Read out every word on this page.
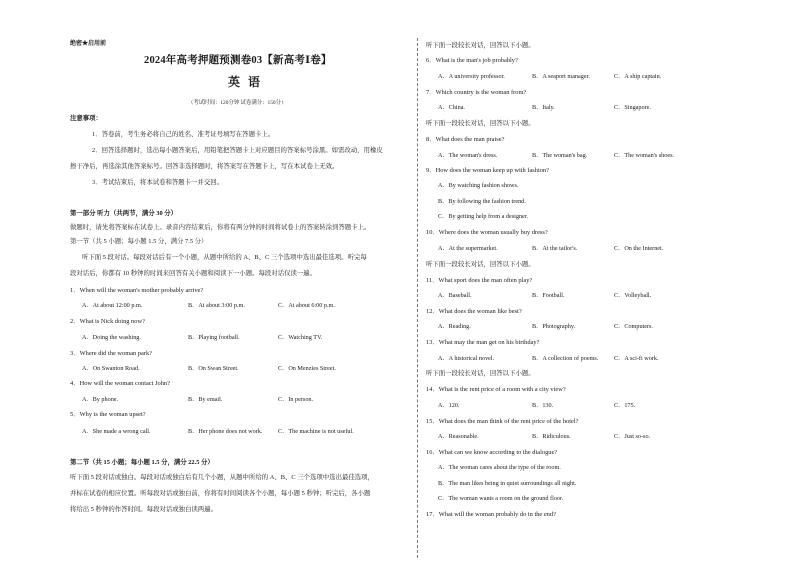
绝密★启用前
2024年高考押题预测卷03【新高考Ⅰ卷】
英语
（考试时间：120分钟 试卷满分：150分）
注意事项：
1．答卷前，考生务必将自己的姓名、准考证号填写在答题卡上。
2．回答选择题时，选出每小题答案后，用铅笔把答题卡上对应题目的答案标号涂黑。如需改动，用橡皮
擦干净后，再选涂其他答案标号。回答非选择题时，将答案写在答题卡上，写在本试卷上无效。
3．考试结束后，将本试卷和答题卡一并交回。
第一部分 听力（共两节，满分 30 分）
做题时，请先将答案标在试卷上。录音内容结束后，你将有两分钟的时间将试卷上的答案转涂到答题卡上。
第一节（共 5 小题；每小题 1.5 分，满分 7.5 分）
听下面 5 段对话。每段对话后有一个小题，从题中所给的 A、B、C 三个选项中选出最佳选项。听完每
段对话后，你都有 10 秒钟的时间来回答有关小题和阅读下一小题。每段对话仅读一遍。
1．When will the woman's mother probably arrive?
A．At about 12:00 p.m.	B．At about 3:00 p.m.	C．At about 6:00 p.m.
2．What is Nick doing now?
A．Doing the washing.	B．Playing football.	C．Watching TV.
3．Where did the woman park?
A．On Swanton Road.	B．On Swan Street.	C．On Menzies Street.
4．How will the woman contact John?
A．By phone.	B．By email.	C．In person.
5．Why is the woman upset?
A．She made a wrong call.	B．Her phone does not work.	C．The machine is not useful.
第二节（共 15 小题；每小题 1.5 分，满分 22.5 分）
听下面 5 段对话或独白。每段对话或独白后有几个小题，从题中所给的 A、B、C 三个选项中选出最佳选项，
并标在试卷的相应位置。听每段对话或独白前，你将有时间阅读各个小题，每小题 5 秒钟；听完后，各小题
将给出 5 秒钟的作答时间。每段对话或独白读两遍。
听下面一段较长对话，回答以下小题。
6．What is the man's job probably?
A．A university professor.	B．A seaport manager.	C．A ship captain.
7．Which country is the woman from?
A．China.	B．Italy.	C．Singapore.
听下面一段较长对话，回答以下小题。
8．What does the man praise?
A．The woman's dress.	B．The woman's bag.	C．The woman's shoes.
9．How does the woman keep up with fashion?
A．By watching fashion shows.
B．By following the fashion trend.
C．By getting help from a designer.
10．Where does the woman usually buy dress?
A．At the supermarket.	B．At the tailor's.	C．On the Internet.
听下面一段较长对话，回答以下小题。
11．What sport does the man often play?
A．Baseball.	B．Football.	C．Volleyball.
12．What does the woman like best?
A．Reading.	B．Photography.	C．Computers.
13．What may the man get on his birthday?
A．A historical novel.	B．A collection of poems.	C．A sci-fi work.
听下面一段较长对话，回答以下小题。
14．What is the rent price of a room with a city view?
A．120.	B．130.	C．175.
15．What does the man think of the rent price of the hotel?
A．Reasonable.	B．Ridiculous.	C．Just so-so.
16．What can we know according to the dialogue?
A．The woman cares about the type of the room.
B．The man likes being in quiet surroundings all night.
C．The woman wants a room on the ground floor.
17．What will the woman probably do in the end?
